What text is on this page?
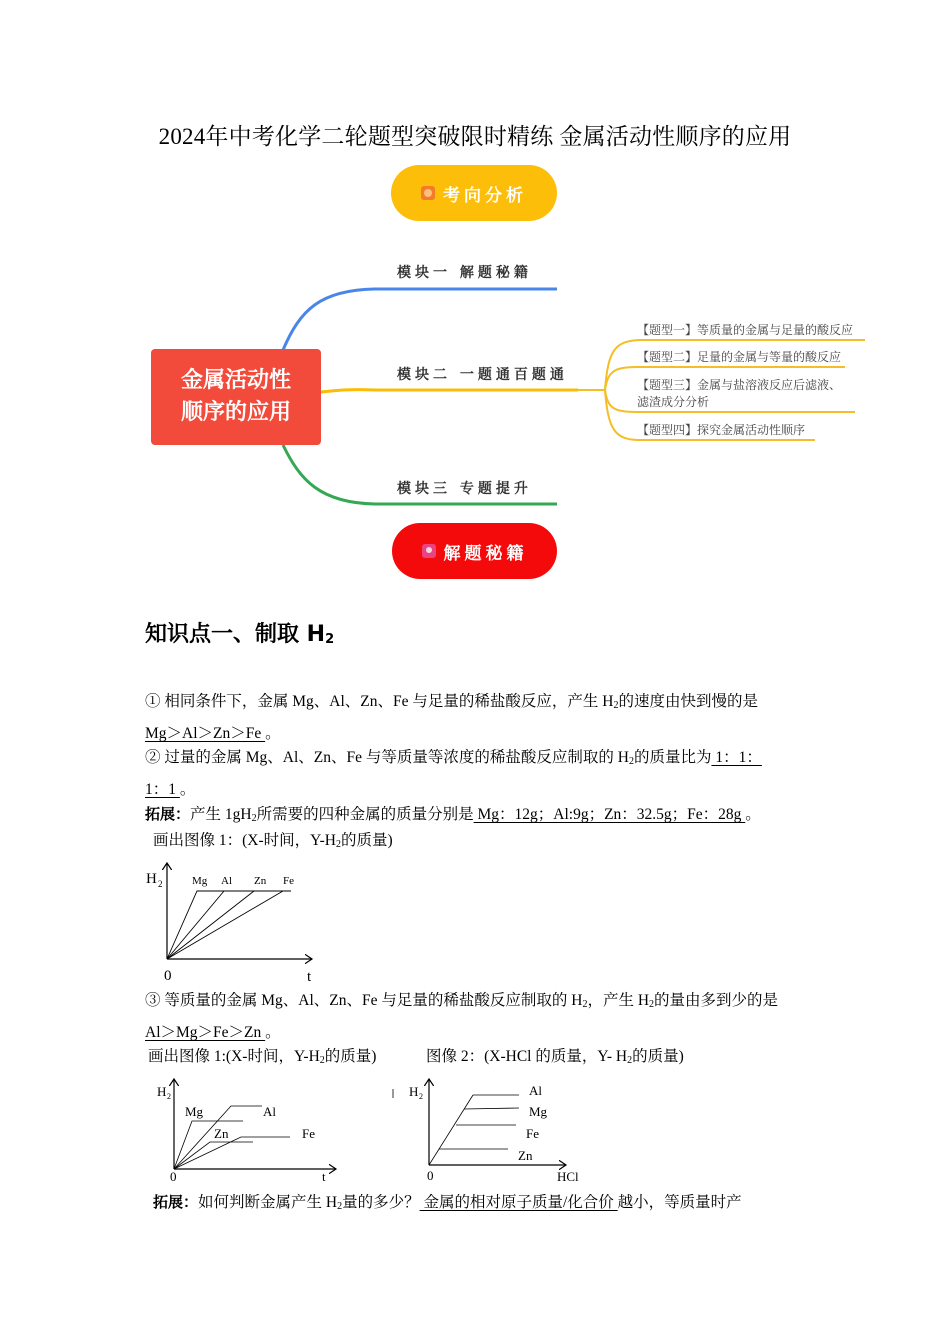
2024年中考化学二轮题型突破限时精练 金属活动性顺序的应用
考向分析
金属活动性
顺序的应用
模块一 解题秘籍
模块二 一题通百题通
模块三 专题提升
【题型一】等质量的金属与足量的酸反应
【题型二】足量的金属与等量的酸反应
【题型三】金属与盐溶液反应后滤液、
滤渣成分分析
【题型四】探究金属活动性顺序
解题秘籍
知识点一、制取 $H_2$
① 相同条件下，金属 Mg、Al、Zn、Fe 与足量的稀盐酸反应，产生 $H_2$的速度由快到慢的是
Mg＞Al＞Zn＞Fe 。
② 过量的金属 Mg、Al、Zn、Fe 与等质量等浓度的稀盐酸反应制取的 $H_2$的质量比为 1：1：
1：1 。
拓展：产生 $1gH_2$所需要的四种金属的质量分别是 Mg：12g；Al:9g；Zn：32.5g；Fe：28g 。
画出图像 1：(X-时间，$Y-H_2$的质量)
H 2
0	t
Mg Al Zn Fe
③ 等质量的金属 Mg、Al、Zn、Fe 与足量的稀盐酸反应制取的 $H_2$，产生 $H_2$的量由多到少的是
Al＞Mg＞Fe＞Zn 。
画出图像 1:(X-时间，$Y-H_2$的质量)	图像 2：(X-HCl 的质量，Y- $H_2$的质量)
H 2
0	t
Mg	Al
Zn	Fe
H 2
0	HCl
Al
Mg
Fe
Zn
拓展：如何判断金属产生 $H_2$量的多少？ 金属的相对原子质量/化合价 越小，等质量时产
